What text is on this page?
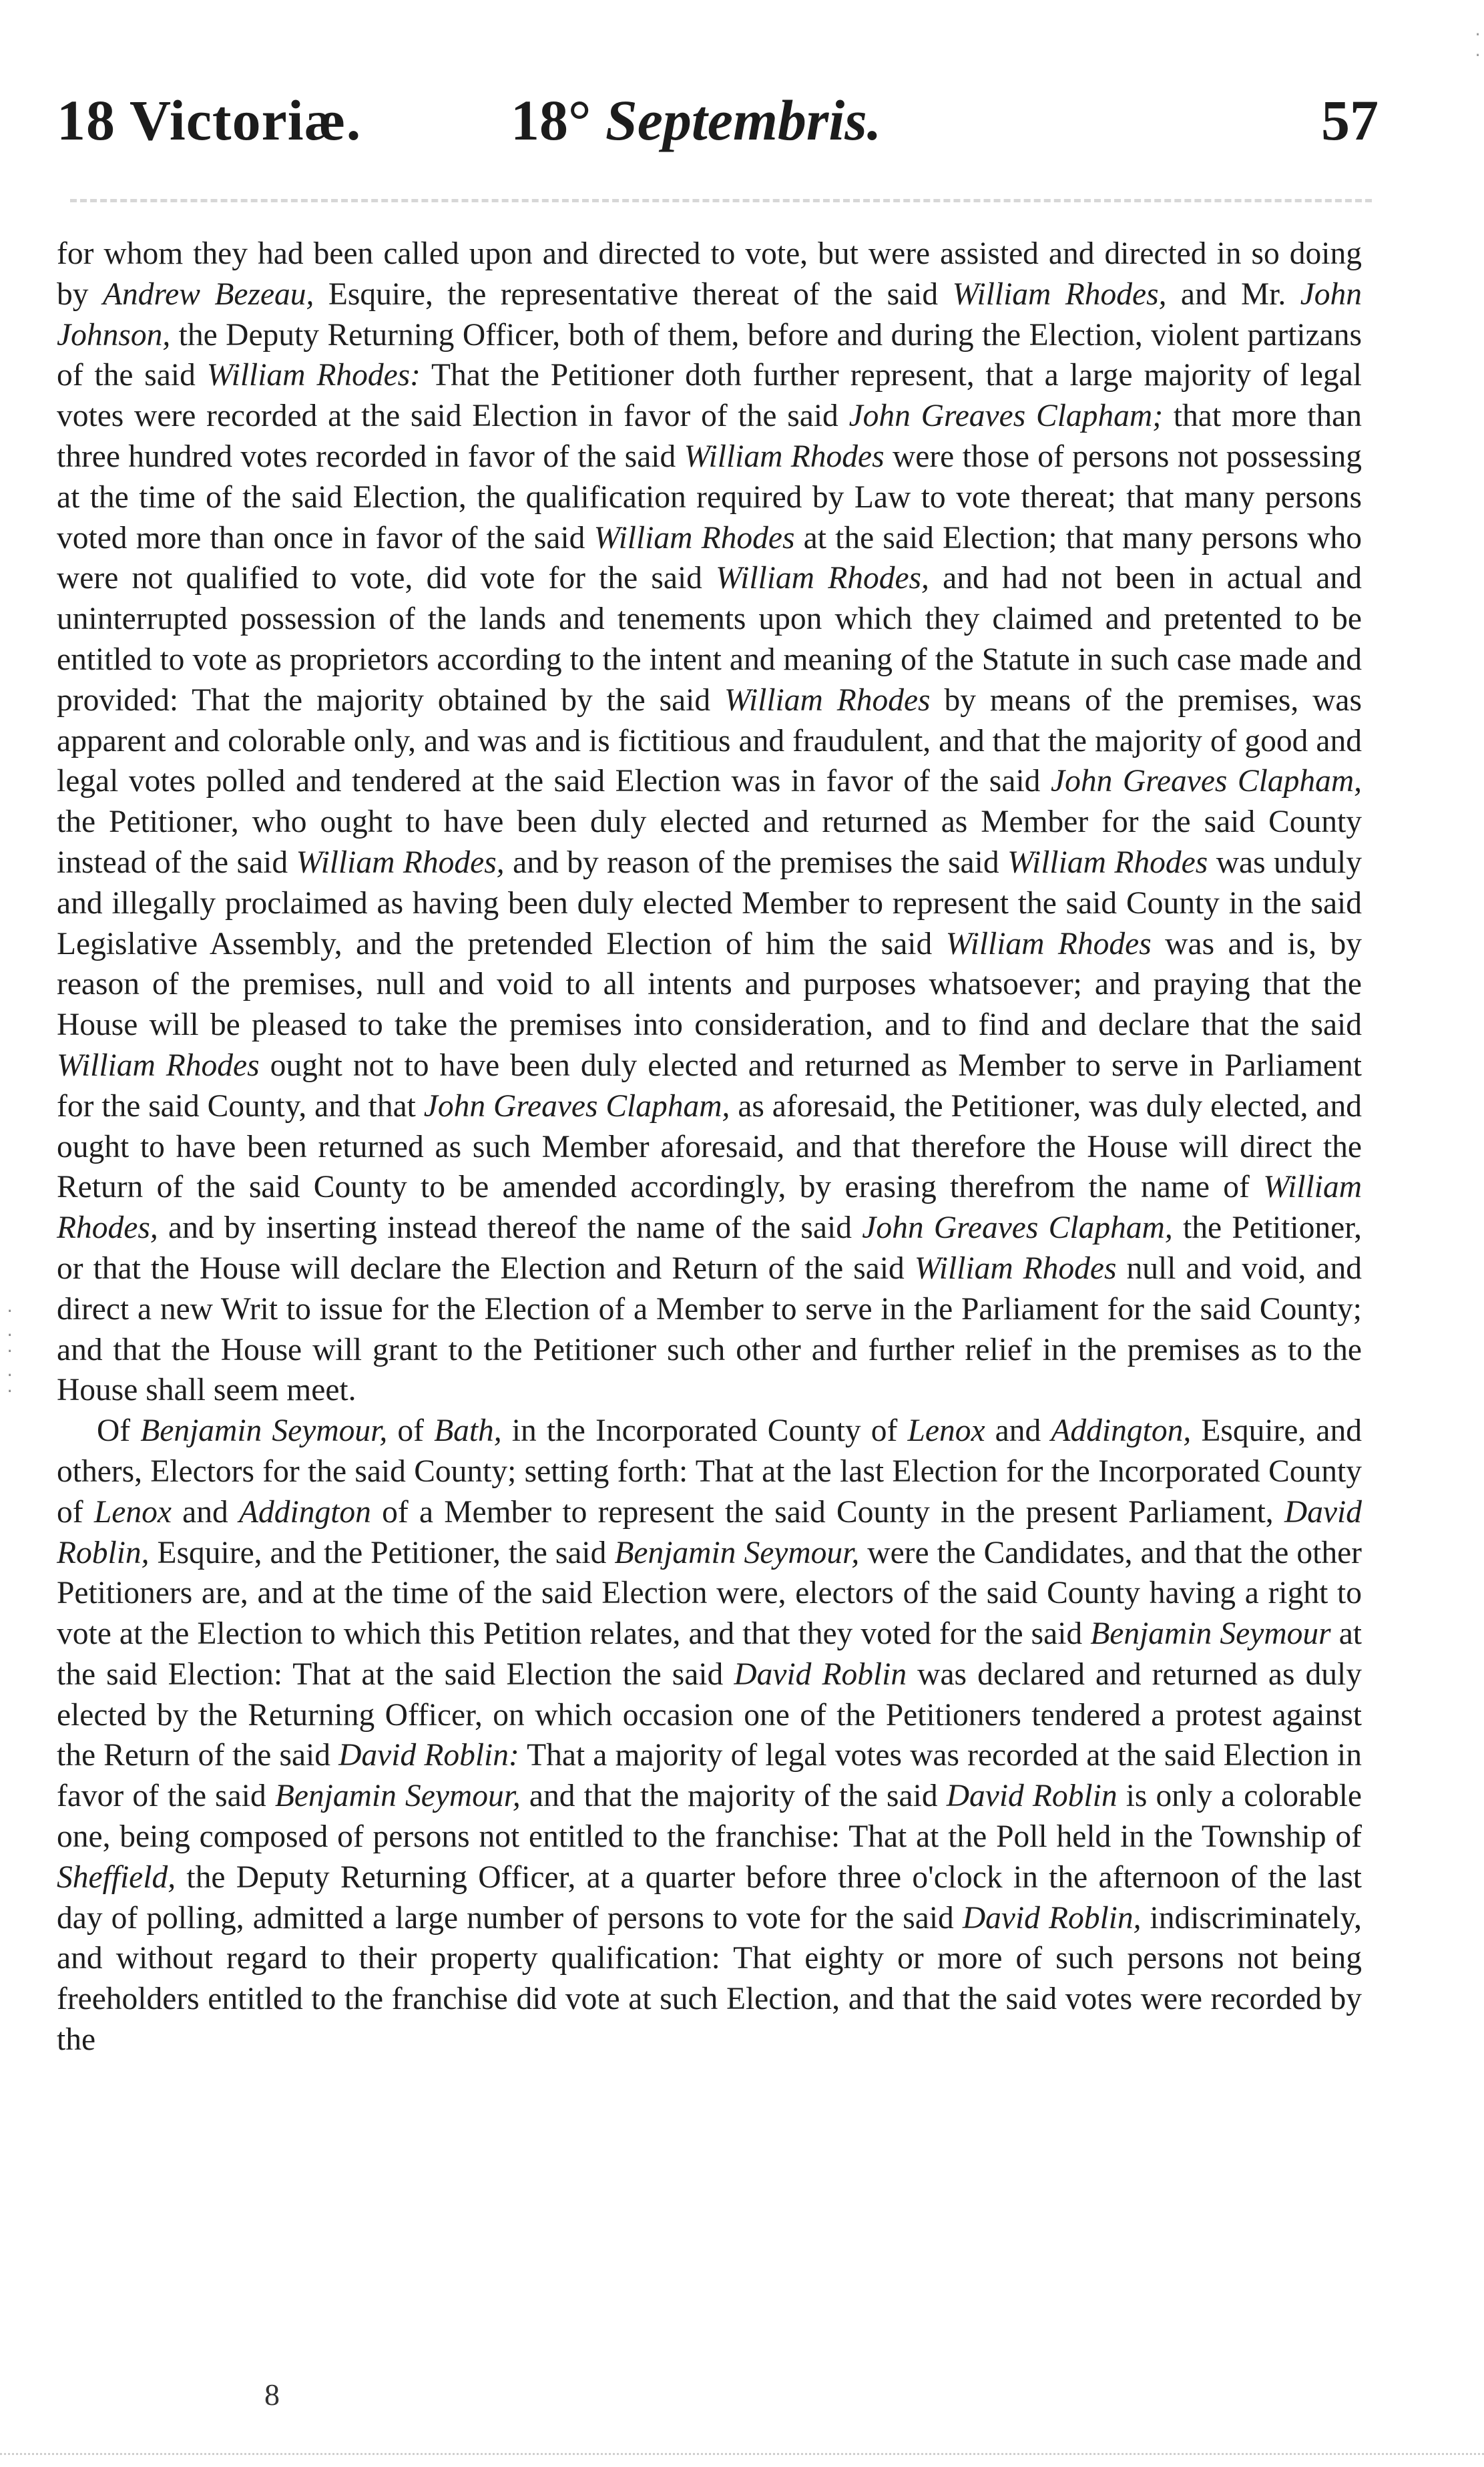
18 Victoriæ.	18° Septembris.	57

for whom they had been called upon and directed to vote, but were assisted and directed in so doing by Andrew Bezeau, Esquire, the representative thereat of the said William Rhodes, and Mr. John Johnson, the Deputy Returning Officer, both of them, before and during the Election, violent partizans of the said William Rhodes: That the Petitioner doth further represent, that a large majority of legal votes were recorded at the said Election in favor of the said John Greaves Clapham; that more than three hundred votes recorded in favor of the said William Rhodes were those of persons not possessing at the time of the said Election, the qualification required by Law to vote thereat; that many persons voted more than once in favor of the said William Rhodes at the said Election; that many persons who were not qualified to vote, did vote for the said William Rhodes, and had not been in actual and uninterrupted possession of the lands and tenements upon which they claimed and pretented to be entitled to vote as proprietors according to the intent and meaning of the Statute in such case made and provided: That the majority obtained by the said William Rhodes by means of the premises, was apparent and colorable only, and was and is fictitious and fraudulent, and that the majority of good and legal votes polled and tendered at the said Election was in favor of the said John Greaves Clapham, the Petitioner, who ought to have been duly elected and returned as Member for the said County instead of the said William Rhodes, and by reason of the premises the said William Rhodes was unduly and illegally proclaimed as having been duly elected Member to represent the said County in the said Legislative Assembly, and the pretended Election of him the said William Rhodes was and is, by reason of the premises, null and void to all intents and purposes whatsoever; and praying that the House will be pleased to take the premises into consideration, and to find and declare that the said William Rhodes ought not to have been duly elected and returned as Member to serve in Parliament for the said County, and that John Greaves Clapham, as aforesaid, the Petitioner, was duly elected, and ought to have been returned as such Member aforesaid, and that therefore the House will direct the Return of the said County to be amended accordingly, by erasing therefrom the name of William Rhodes, and by inserting instead thereof the name of the said John Greaves Clapham, the Petitioner, or that the House will declare the Election and Return of the said William Rhodes null and void, and direct a new Writ to issue for the Election of a Member to serve in the Parliament for the said County; and that the House will grant to the Petitioner such other and further relief in the premises as to the House shall seem meet.

Of Benjamin Seymour, of Bath, in the Incorporated County of Lenox and Addington, Esquire, and others, Electors for the said County; setting forth: That at the last Election for the Incorporated County of Lenox and Addington of a Member to represent the said County in the present Parliament, David Roblin, Esquire, and the Petitioner, the said Benjamin Seymour, were the Candidates, and that the other Petitioners are, and at the time of the said Election were, electors of the said County having a right to vote at the Election to which this Petition relates, and that they voted for the said Benjamin Seymour at the said Election: That at the said Election the said David Roblin was declared and returned as duly elected by the Returning Officer, on which occasion one of the Petitioners tendered a protest against the Return of the said David Roblin: That a majority of legal votes was recorded at the said Election in favor of the said Benjamin Seymour, and that the majority of the said David Roblin is only a colorable one, being composed of persons not entitled to the franchise: That at the Poll held in the Township of Sheffield, the Deputy Returning Officer, at a quarter before three o'clock in the afternoon of the last day of polling, admitted a large number of persons to vote for the said David Roblin, indiscriminately, and without regard to their property qualification: That eighty or more of such persons not being freeholders entitled to the franchise did vote at such Election, and that the said votes were recorded by the

8
·
.
·
.
·
·
.
